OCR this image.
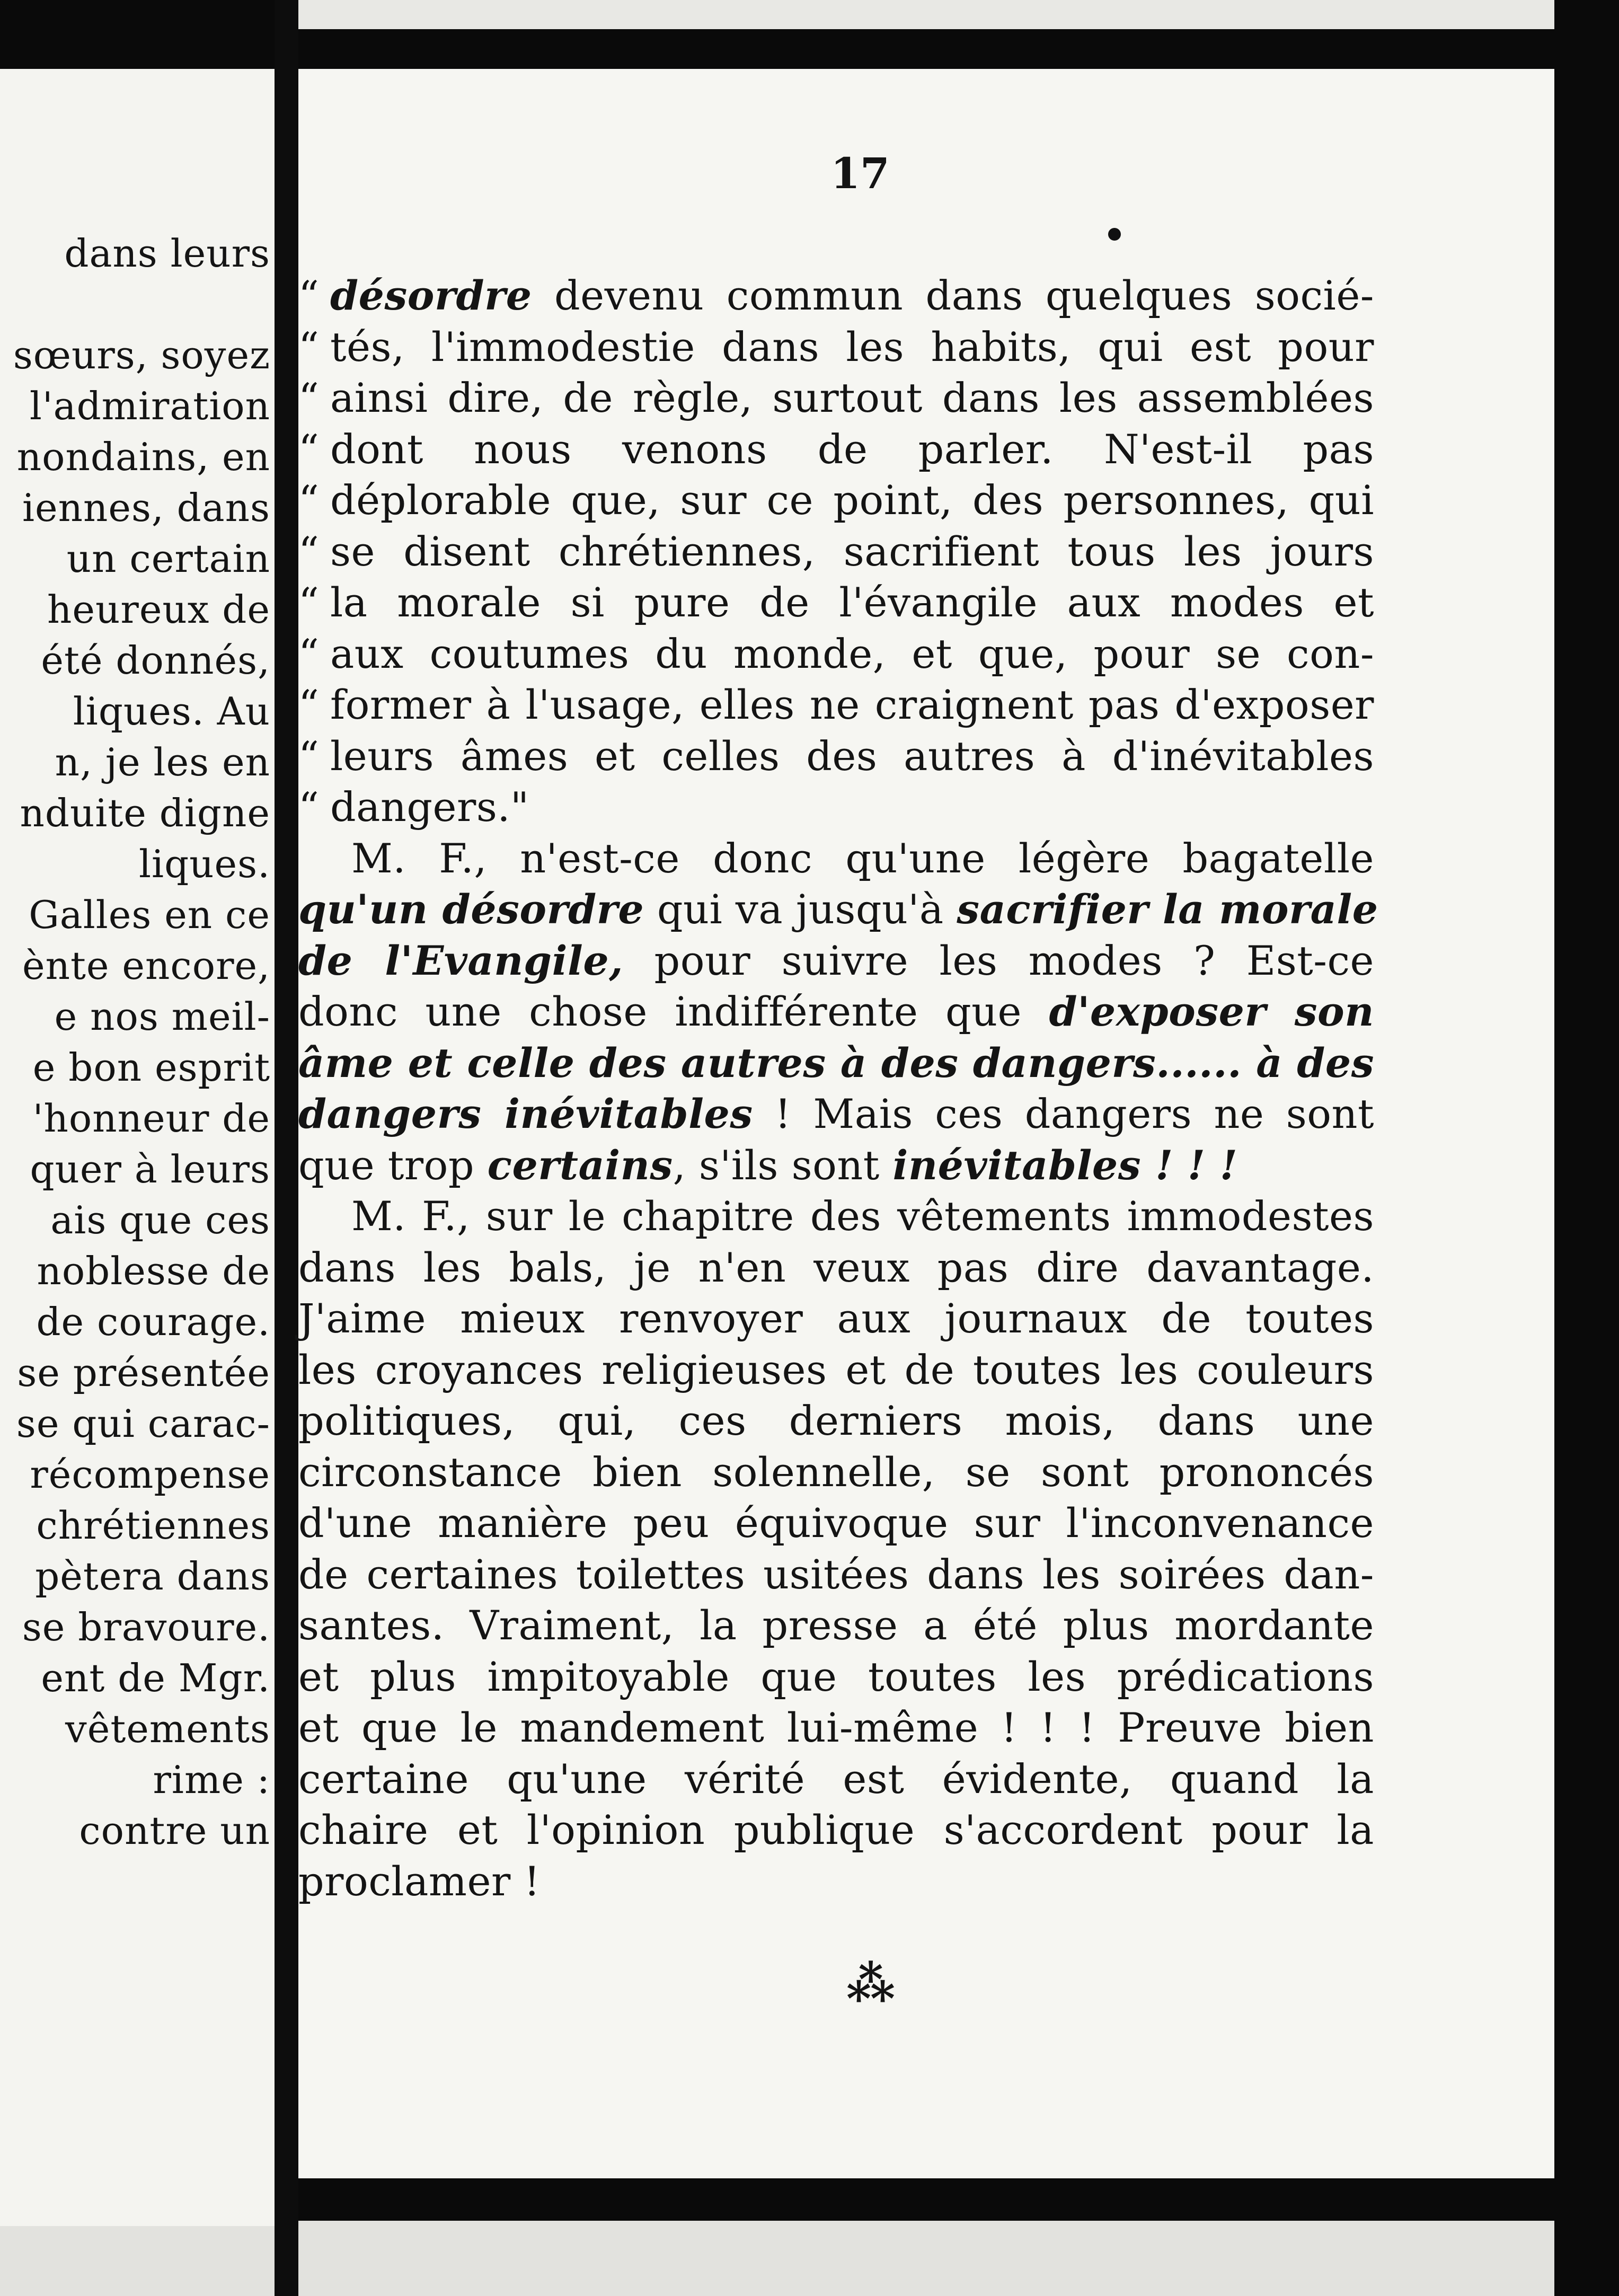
dans leurs
sœurs, soyez
l'admiration
nondains, en
iennes, dans
un certain
heureux de
été donnés,
liques. Au
n, je les en
nduite digne
liques.
Galles en ce
ènte encore,
e nos meil-
e bon esprit
'honneur de
quer à leurs
ais que ces
noblesse de
de courage.
se présentée
se qui carac-
récompense
chrétiennes
pètera dans
se bravoure.
ent de Mgr.
vêtements
rime :
contre un
17
“ désordre devenu commun dans quelques socié-
“ tés, l'immodestie dans les habits, qui est pour
“ ainsi dire, de règle, surtout dans les assemblées
“ dont nous venons de parler. N'est-il pas
“ déplorable que, sur ce point, des personnes, qui
“ se disent chrétiennes, sacrifient tous les jours
“ la morale si pure de l'évangile aux modes et
“ aux coutumes du monde, et que, pour se con-
“ former à l'usage, elles ne craignent pas d'exposer
“ leurs âmes et celles des autres à d'inévitables
“ dangers."
M. F., n'est-ce donc qu'une légère bagatelle
qu'un désordre qui va jusqu'à sacrifier la morale
de l'Evangile, pour suivre les modes ? Est-ce
donc une chose indifférente que d'exposer son
âme et celle des autres à des dangers...... à des
dangers inévitables ! Mais ces dangers ne sont
que trop certains, s'ils sont inévitables ! ! !
M. F., sur le chapitre des vêtements immodestes
dans les bals, je n'en veux pas dire davantage.
J'aime mieux renvoyer aux journaux de toutes
les croyances religieuses et de toutes les couleurs
politiques, qui, ces derniers mois, dans une
circonstance bien solennelle, se sont prononcés
d'une manière peu équivoque sur l'inconvenance
de certaines toilettes usitées dans les soirées dan-
santes. Vraiment, la presse a été plus mordante
et plus impitoyable que toutes les prédications
et que le mandement lui-même ! ! ! Preuve bien
certaine qu'une vérité est évidente, quand la
chaire et l'opinion publique s'accordent pour la
proclamer !
⁂
